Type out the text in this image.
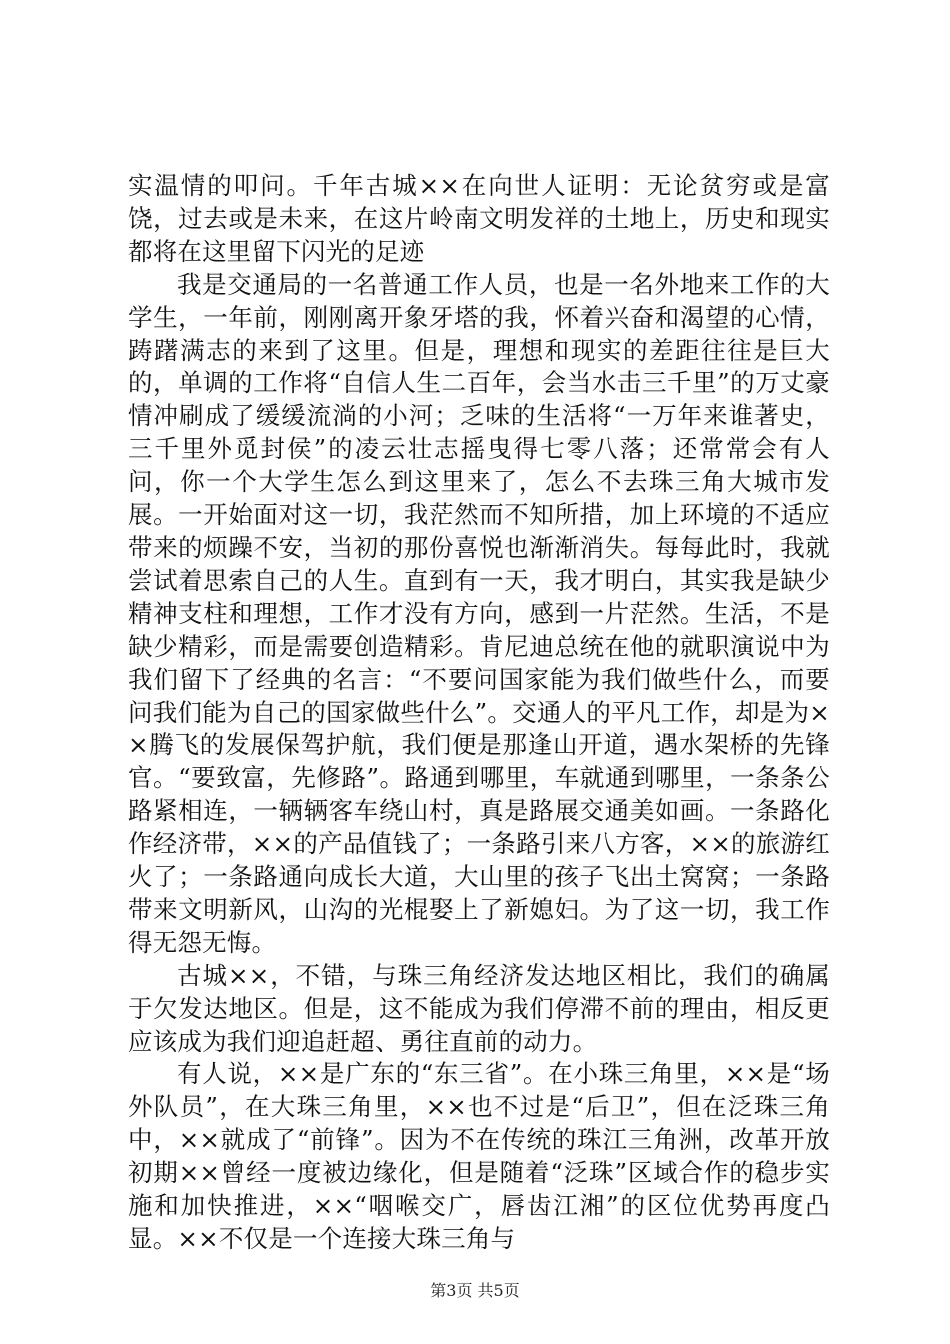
实温情的叩问。千年古城××在向世人证明：无论贫穷或是富饶，过去或是未来，在这片岭南文明发祥的土地上，历史和现实都将在这里留下闪光的足迹

我是交通局的一名普通工作人员，也是一名外地来工作的大学生，一年前，刚刚离开象牙塔的我，怀着兴奋和渴望的心情，踌躇满志的来到了这里。但是，理想和现实的差距往往是巨大的，单调的工作将“自信人生二百年，会当水击三千里”的万丈豪情冲刷成了缓缓流淌的小河；乏味的生活将“一万年来谁著史，三千里外觅封侯”的凌云壮志摇曳得七零八落；还常常会有人问，你一个大学生怎么到这里来了，怎么不去珠三角大城市发展。一开始面对这一切，我茫然而不知所措，加上环境的不适应带来的烦躁不安，当初的那份喜悦也渐渐消失。每每此时，我就尝试着思索自己的人生。直到有一天，我才明白，其实我是缺少精神支柱和理想，工作才没有方向，感到一片茫然。生活，不是缺少精彩，而是需要创造精彩。肯尼迪总统在他的就职演说中为我们留下了经典的名言：“不要问国家能为我们做些什么，而要问我们能为自己的国家做些什么”。交通人的平凡工作，却是为××腾飞的发展保驾护航，我们便是那逢山开道，遇水架桥的先锋官。“要致富，先修路”。路通到哪里，车就通到哪里，一条条公路紧相连，一辆辆客车绕山村，真是路展交通美如画。一条路化作经济带，××的产品值钱了；一条路引来八方客，××的旅游红火了；一条路通向成长大道，大山里的孩子飞出土窝窝；一条路带来文明新风，山沟的光棍娶上了新媳妇。为了这一切，我工作得无怨无悔。

古城××，不错，与珠三角经济发达地区相比，我们的确属于欠发达地区。但是，这不能成为我们停滞不前的理由，相反更应该成为我们迎追赶超、勇往直前的动力。

有人说，××是广东的“东三省”。在小珠三角里，××是“场外队员”，在大珠三角里，××也不过是“后卫”，但在泛珠三角中，××就成了“前锋”。因为不在传统的珠江三角洲，改革开放初期××曾经一度被边缘化，但是随着“泛珠”区域合作的稳步实施和加快推进，××“咽喉交广，唇齿江湘”的区位优势再度凸显。××不仅是一个连接大珠三角与

第3页 共5页
